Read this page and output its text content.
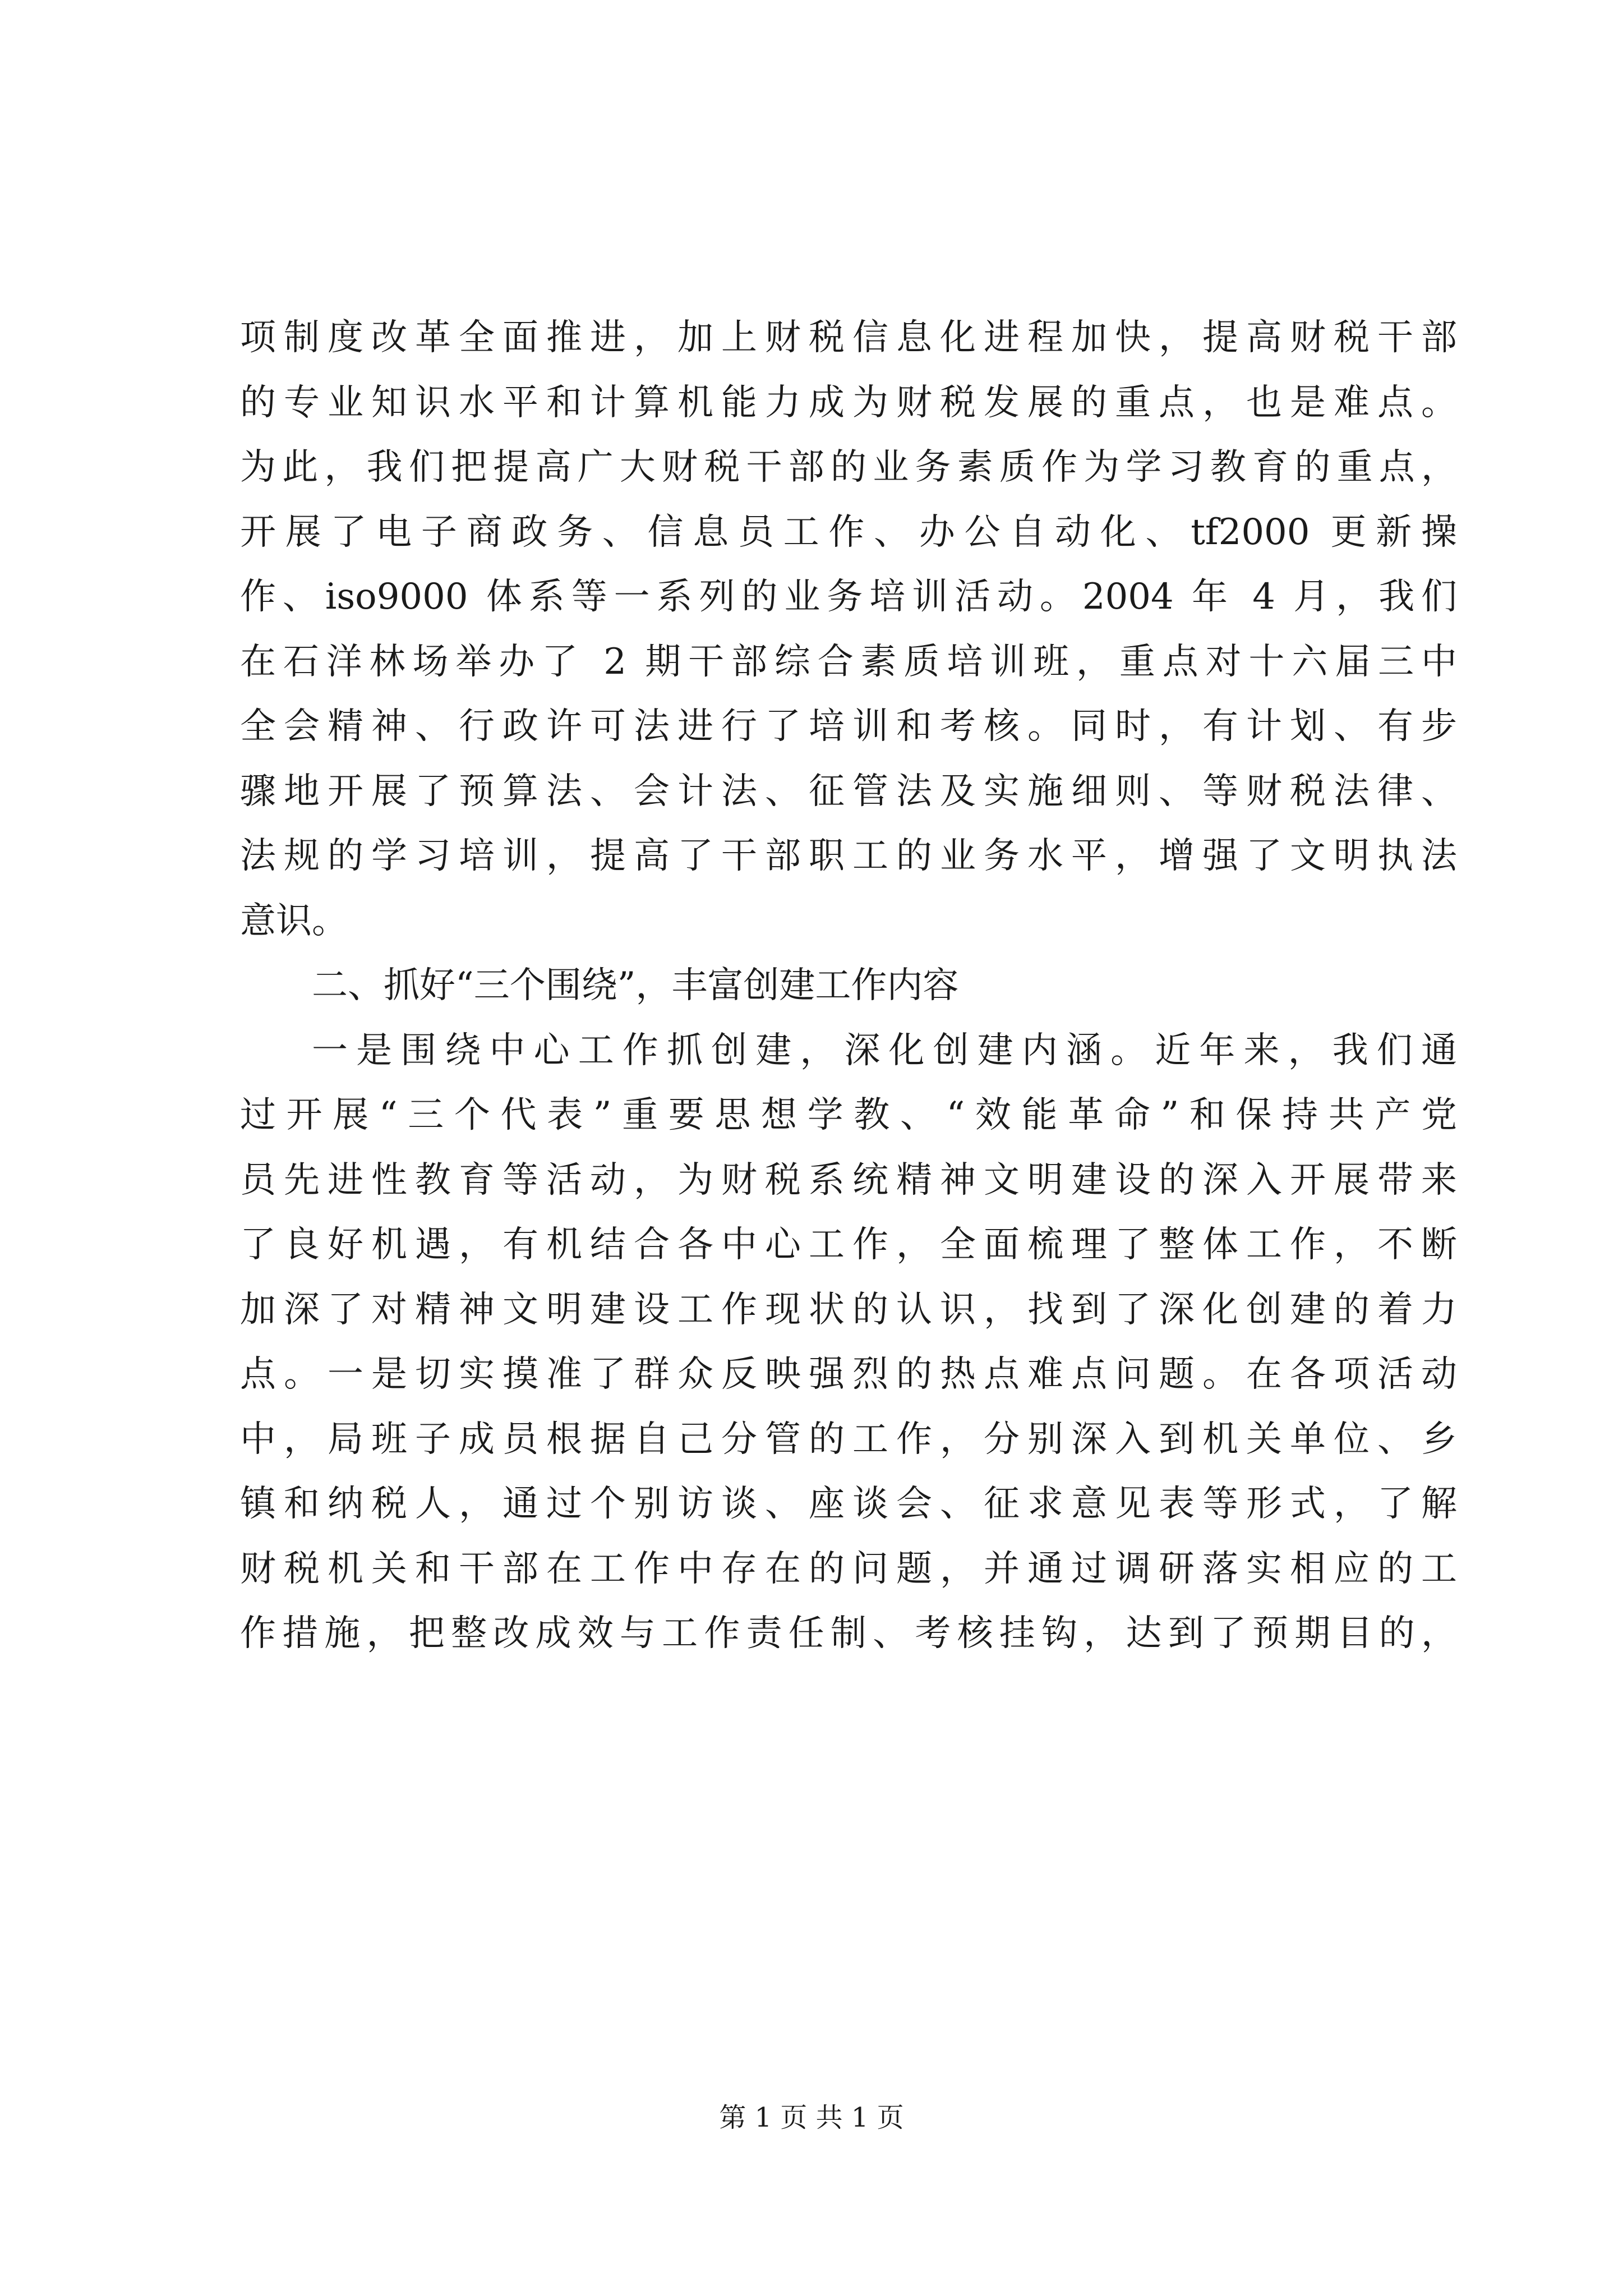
项制度改革全面推进，加上财税信息化进程加快，提高财税干部
的专业知识水平和计算机能力成为财税发展的重点，也是难点。
为此，我们把提高广大财税干部的业务素质作为学习教育的重点，
开展了电子商政务、信息员工作、办公自动化、tf2000 更新操
作、iso9000 体系等一系列的业务培训活动。2004 年 4 月，我们
在石洋林场举办了 2 期干部综合素质培训班，重点对十六届三中
全会精神、行政许可法进行了培训和考核。同时，有计划、有步
骤地开展了预算法、会计法、征管法及实施细则、等财税法律、
法规的学习培训，提高了干部职工的业务水平，增强了文明执法
意识。
二、抓好“三个围绕”，丰富创建工作内容
一是围绕中心工作抓创建，深化创建内涵。近年来，我们通
过开展“三个代表”重要思想学教、“效能革命”和保持共产党
员先进性教育等活动，为财税系统精神文明建设的深入开展带来
了良好机遇，有机结合各中心工作，全面梳理了整体工作，不断
加深了对精神文明建设工作现状的认识，找到了深化创建的着力
点。一是切实摸准了群众反映强烈的热点难点问题。在各项活动
中，局班子成员根据自己分管的工作，分别深入到机关单位、乡
镇和纳税人，通过个别访谈、座谈会、征求意见表等形式，了解
财税机关和干部在工作中存在的问题，并通过调研落实相应的工
作措施，把整改成效与工作责任制、考核挂钩，达到了预期目的，
第 1 页 共 1 页
